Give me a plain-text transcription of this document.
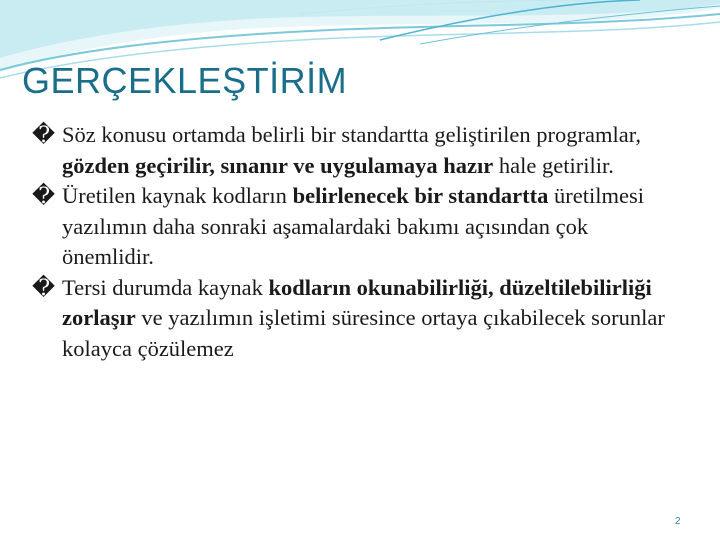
GERÇEKLEŞTİRİM

� Söz konusu ortamda belirli bir standartta geliştirilen programlar, gözden geçirilir, sınanır ve uygulamaya hazır hale getirilir.

� Üretilen kaynak kodların belirlenecek bir standartta üretilmesi yazılımın daha sonraki aşamalardaki bakımı açısından çok önemlidir.

� Tersi durumda kaynak kodların okunabilirliği, düzeltilebilirliği zorlaşır ve yazılımın işletimi süresince ortaya çıkabilecek sorunlar kolayca çözülemez

2
